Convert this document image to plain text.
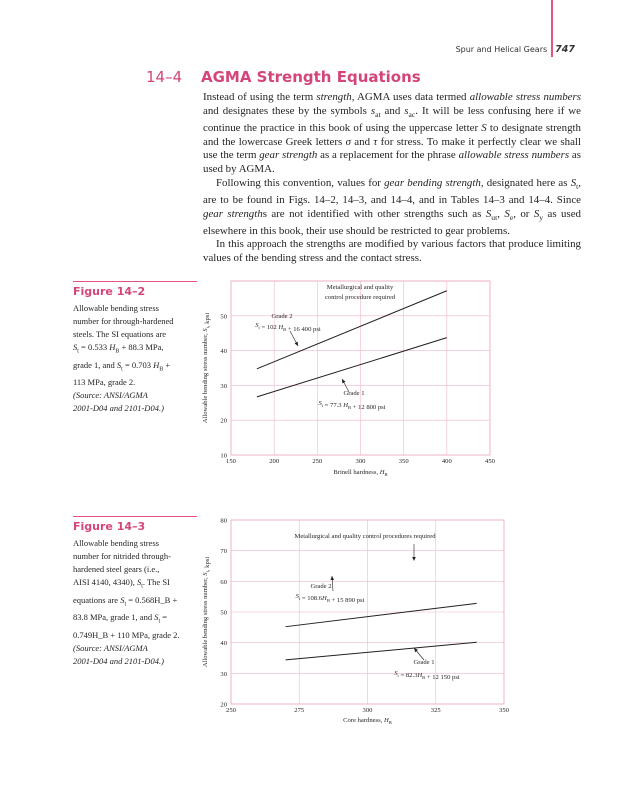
Spur and Helical Gears 747
14–4 AGMA Strength Equations

Instead of using the term strength, AGMA uses data termed allowable stress numbers and designates these by the symbols $s_{at}$ and $s_{ac}$. It will be less confusing here if we continue the practice in this book of using the uppercase letter S to designate strength and the lowercase Greek letters σ and τ for stress. To make it perfectly clear we shall use the term gear strength as a replacement for the phrase allowable stress numbers as used by AGMA.

Following this convention, values for gear bending strength, designated here as $S_t$, are to be found in Figs. 14–2, 14–3, and 14–4, and in Tables 14–3 and 14–4. Since gear strengths are not identified with other strengths such as $S_{ut}$, $S_e$, or $S_y$ as used elsewhere in this book, their use should be restricted to gear problems.

In this approach the strengths are modified by various factors that produce limiting values of the bending stress and the contact stress.

Figure 14–2

Allowable bending stress

number for through-hardened

steels. The SI equations are

$S_t = 0.533$ $H_B + 88.3$ MPa,

grade 1, and $S_t = 0.703$ $H_B$ +

113 MPa, grade 2.

(Source: ANSI/AGMA

2001-D04 and 2101-D04.)

Figure 14–3

Allowable bending stress

number for nitrided through-

hardened steel gears (i.e.,

AISI 4140, 4340), $S_t$. The SI

equations are $S_t$ = 0.568H_B +

83.8 MPa, grade 1, and $S_t$ =

0.749H_B + 110 MPa, grade 2.

(Source: ANSI/AGMA

2001-D04 and 2101-D04.)

150	200	250	300	350	400	450
10
20
30
40
50
Brinell hardness, $H_B$
Allowable bending stress number, $S_t$, kpsi
Metallurgical and quality control procedure required
Grade 2
$S_t = 102$ $H_B + 16$ 400 psi
Grade 1
$S_t = 77.3$ $H_B + 12$ 800 psi
250	275	300	325	350
20
30
40
50
60
70
80
Core hardness, $H_B$
Allowable bending stress number, $S_t$, kpsi
Metallurgical and quality control procedures required
Grade 2
$S_t = 108.6H_B + 15$ 890 psi
Grade 1
$S_t = 82.3H_B + 12$ 150 psi
